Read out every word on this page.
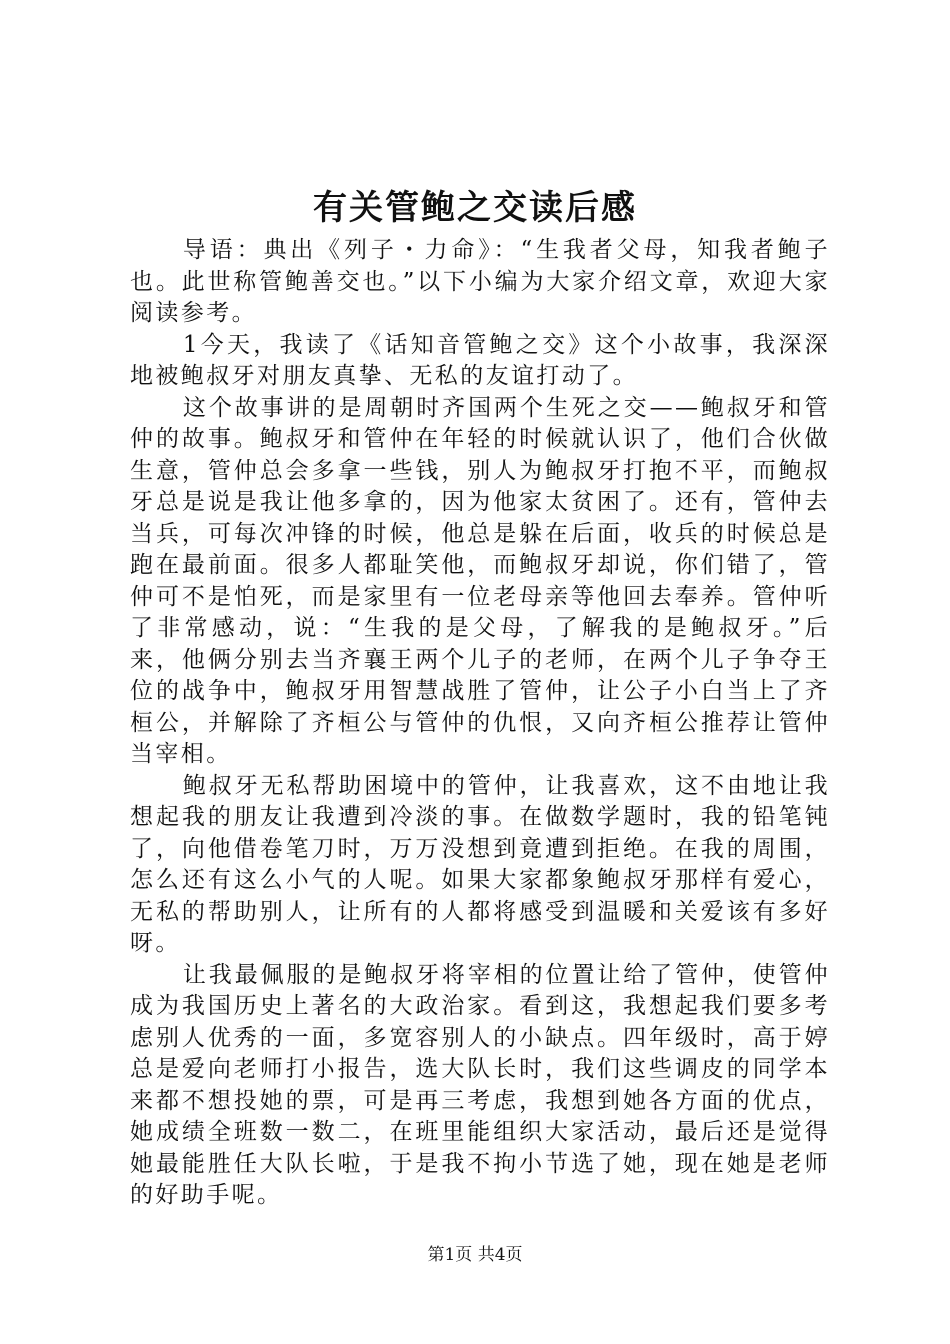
有关管鲍之交读后感

导语：典出《列子・力命》：“生我者父母，知我者鲍子也。此世称管鲍善交也。”以下小编为大家介绍文章，欢迎大家阅读参考。

1今天，我读了《话知音管鲍之交》这个小故事，我深深地被鲍叔牙对朋友真挚、无私的友谊打动了。

这个故事讲的是周朝时齐国两个生死之交——鲍叔牙和管仲的故事。鲍叔牙和管仲在年轻的时候就认识了，他们合伙做生意，管仲总会多拿一些钱，别人为鲍叔牙打抱不平，而鲍叔牙总是说是我让他多拿的，因为他家太贫困了。还有，管仲去当兵，可每次冲锋的时候，他总是躲在后面，收兵的时候总是跑在最前面。很多人都耻笑他，而鲍叔牙却说，你们错了，管仲可不是怕死，而是家里有一位老母亲等他回去奉养。管仲听了非常感动，说：“生我的是父母，了解我的是鲍叔牙。”后来，他俩分别去当齐襄王两个儿子的老师，在两个儿子争夺王位的战争中，鲍叔牙用智慧战胜了管仲，让公子小白当上了齐桓公，并解除了齐桓公与管仲的仇恨，又向齐桓公推荐让管仲当宰相。

鲍叔牙无私帮助困境中的管仲，让我喜欢，这不由地让我想起我的朋友让我遭到冷淡的事。在做数学题时，我的铅笔钝了，向他借卷笔刀时，万万没想到竟遭到拒绝。在我的周围，怎么还有这么小气的人呢。如果大家都象鲍叔牙那样有爱心，无私的帮助别人，让所有的人都将感受到温暖和关爱该有多好呀。

让我最佩服的是鲍叔牙将宰相的位置让给了管仲，使管仲成为我国历史上著名的大政治家。看到这，我想起我们要多考虑别人优秀的一面，多宽容别人的小缺点。四年级时，高于婷总是爱向老师打小报告，选大队长时，我们这些调皮的同学本来都不想投她的票，可是再三考虑，我想到她各方面的优点，她成绩全班数一数二，在班里能组织大家活动，最后还是觉得她最能胜任大队长啦，于是我不拘小节选了她，现在她是老师的好助手呢。

第1页 共4页
